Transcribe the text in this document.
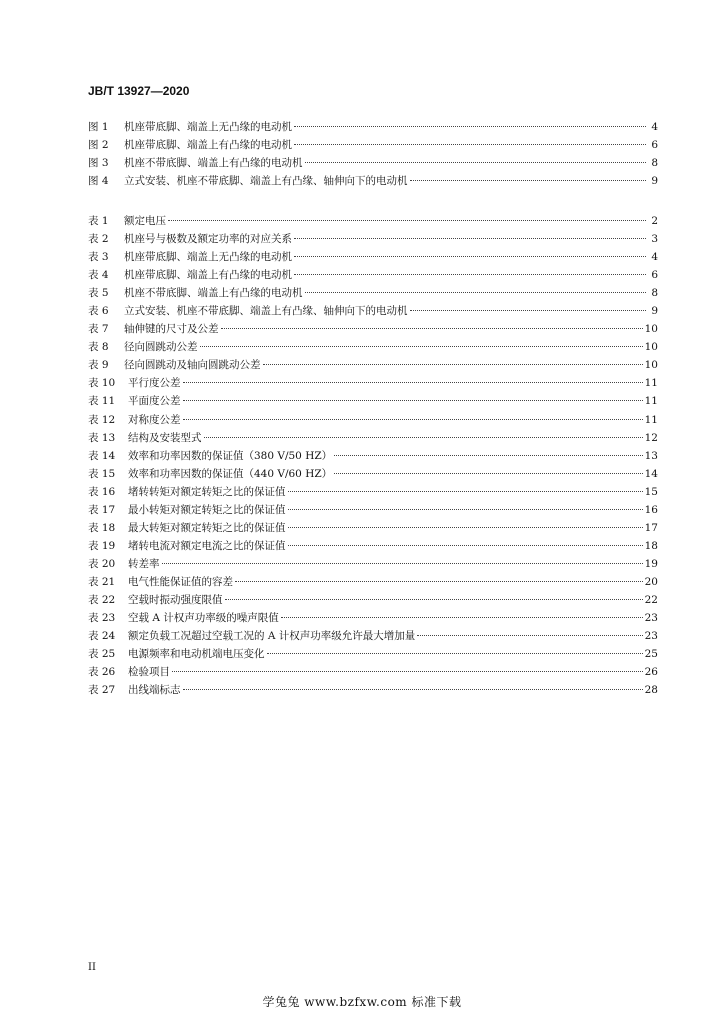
JB/T 13927—2020
图 1 机座带底脚、端盖上无凸缘的电动机	4
图 2 机座带底脚、端盖上有凸缘的电动机	6
图 3 机座不带底脚、端盖上有凸缘的电动机	8
图 4 立式安装、机座不带底脚、端盖上有凸缘、轴伸向下的电动机	9
表 1 额定电压	2
表 2 机座号与极数及额定功率的对应关系	3
表 3 机座带底脚、端盖上无凸缘的电动机	4
表 4 机座带底脚、端盖上有凸缘的电动机	6
表 5 机座不带底脚、端盖上有凸缘的电动机	8
表 6 立式安装、机座不带底脚、端盖上有凸缘、轴伸向下的电动机	9
表 7 轴伸键的尺寸及公差	10
表 8 径向圆跳动公差	10
表 9 径向圆跳动及轴向圆跳动公差	10
表 10 平行度公差	11
表 11 平面度公差	11
表 12 对称度公差	11
表 13 结构及安装型式	12
表 14 效率和功率因数的保证值（380 V/50 HZ）	13
表 15 效率和功率因数的保证值（440 V/60 HZ）	14
表 16 堵转转矩对额定转矩之比的保证值	15
表 17 最小转矩对额定转矩之比的保证值	16
表 18 最大转矩对额定转矩之比的保证值	17
表 19 堵转电流对额定电流之比的保证值	18
表 20 转差率	19
表 21 电气性能保证值的容差	20
表 22 空载时振动强度限值	22
表 23 空载 A 计权声功率级的噪声限值	23
表 24 额定负载工况超过空载工况的 A 计权声功率级允许最大增加量	23
表 25 电源频率和电动机端电压变化	25
表 26 检验项目	26
表 27 出线端标志	28
II
学兔兔 www.bzfxw.com 标准下载
